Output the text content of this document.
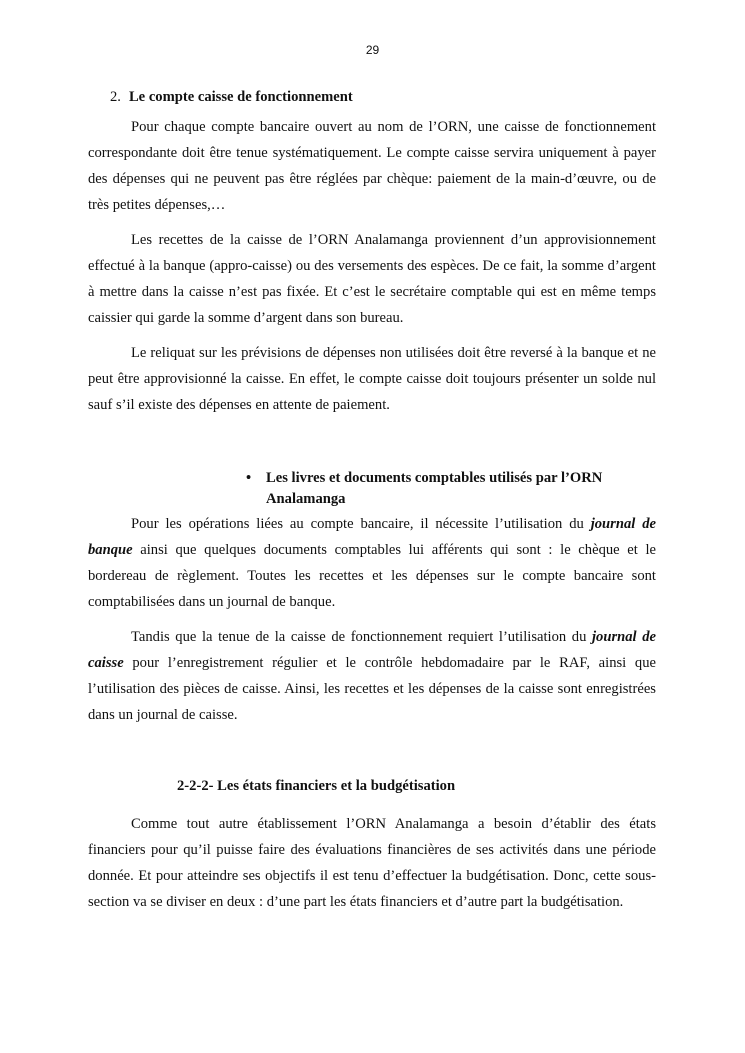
29
2. Le compte caisse de fonctionnement

Pour chaque compte bancaire ouvert au nom de l’ORN, une caisse de fonctionnement correspondante doit être tenue systématiquement. Le compte caisse servira uniquement à payer des dépenses qui ne peuvent pas être réglées par chèque: paiement de la main-d’œuvre, ou de très petites dépenses,…

Les recettes de la caisse de l’ORN Analamanga proviennent d’un approvisionnement effectué à la banque (appro-caisse) ou des versements des espèces. De ce fait, la somme d’argent à mettre dans la caisse n’est pas fixée. Et c’est le secrétaire comptable qui est en même temps caissier qui garde la somme d’argent dans son bureau.

Le reliquat sur les prévisions de dépenses non utilisées doit être reversé à la banque et ne peut être approvisionné la caisse. En effet, le compte caisse doit toujours présenter un solde nul sauf s’il existe des dépenses en attente de paiement.

•	Les livres et documents comptables utilisés par l’ORN Analamanga

Pour les opérations liées au compte bancaire, il nécessite l’utilisation du journal de banque ainsi que quelques documents comptables lui afférents qui sont : le chèque et le bordereau de règlement. Toutes les recettes et les dépenses sur le compte bancaire sont comptabilisées dans un journal de banque.

Tandis que la tenue de la caisse de fonctionnement requiert l’utilisation du journal de caisse pour l’enregistrement régulier et le contrôle hebdomadaire par le RAF, ainsi que l’utilisation des pièces de caisse. Ainsi, les recettes et les dépenses de la caisse sont enregistrées dans un journal de caisse.

2-2-2- Les états financiers et la budgétisation

Comme tout autre établissement l’ORN Analamanga a besoin d’établir des états financiers pour qu’il puisse faire des évaluations financières de ses activités dans une période donnée. Et pour atteindre ses objectifs il est tenu d’effectuer la budgétisation. Donc, cette sous-section va se diviser en deux : d’une part les états financiers et d’autre part la budgétisation.
